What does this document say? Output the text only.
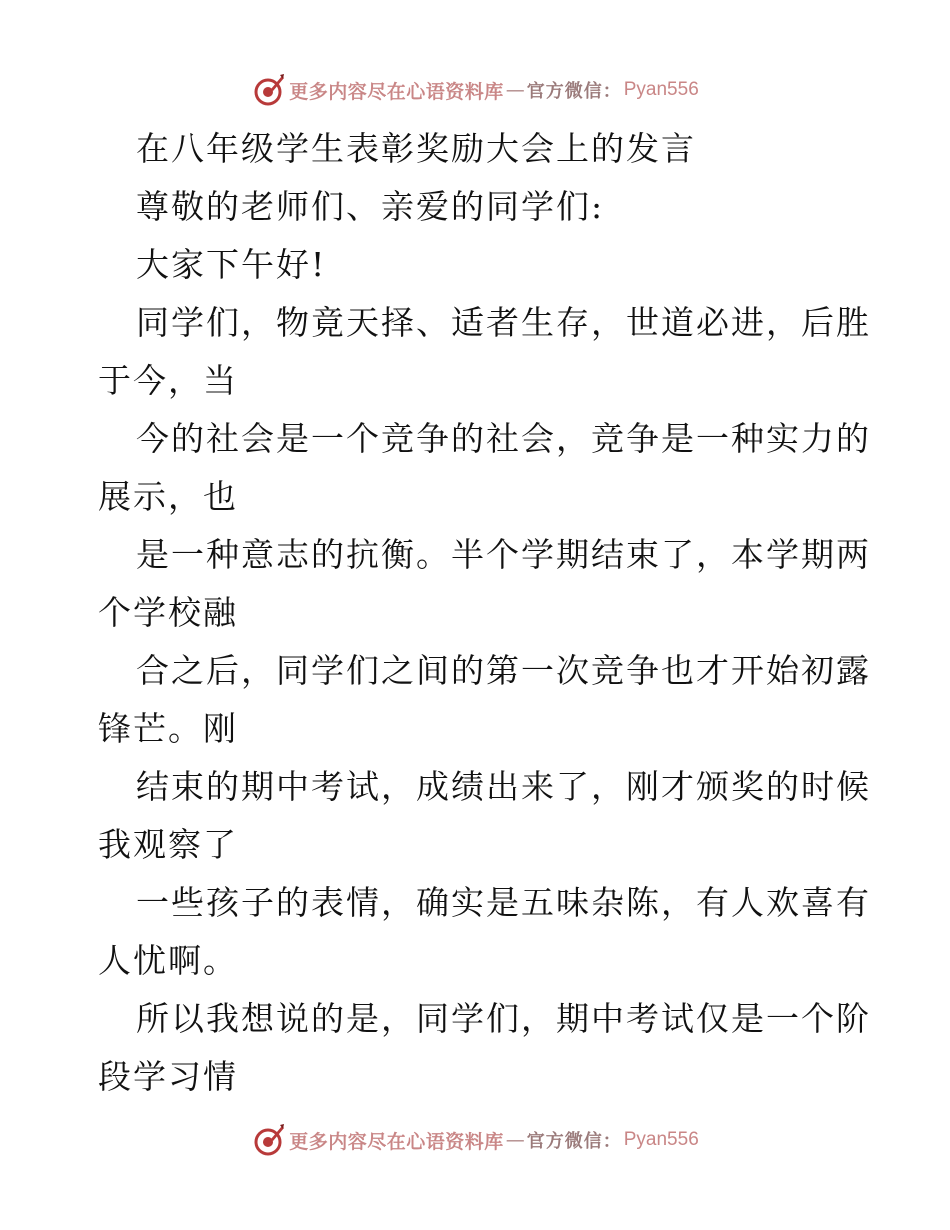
更多内容尽在心语资料库 — 官方微信： Pyan556
在八年级学生表彰奖励大会上的发言
尊敬的老师们、亲爱的同学们:
大家下午好!
同学们，物竟天择、适者生存，世道必进，后胜
于今，当
今的社会是一个竞争的社会，竞争是一种实力的
展示，也
是一种意志的抗衡。半个学期结束了，本学期两
个学校融
合之后，同学们之间的第一次竞争也才开始初露
锋芒。刚
结束的期中考试，成绩出来了，刚才颁奖的时候
我观察了
一些孩子的表情，确实是五味杂陈，有人欢喜有
人忧啊。
所以我想说的是，同学们，期中考试仅是一个阶
段学习情
更多内容尽在心语资料库 — 官方微信： Pyan556
